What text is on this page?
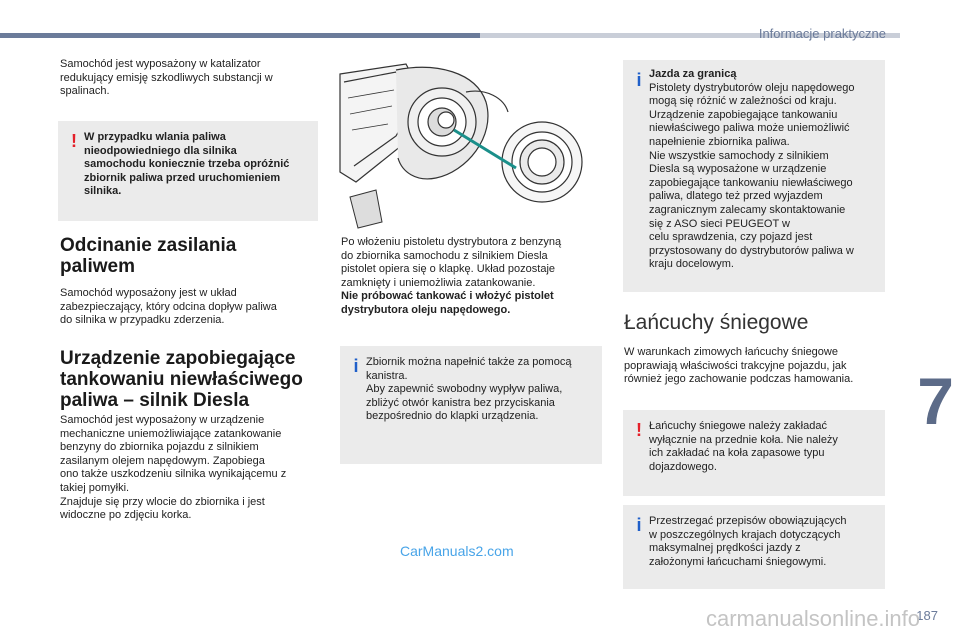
Informacje praktyczne
7
187

Samochód jest wyposażony w katalizator

redukujący emisję szkodliwych substancji w

spalinach.

! W przypadku wlania paliwa

nieodpowiedniego dla silnika

samochodu koniecznie trzeba opróżnić

zbiornik paliwa przed uruchomieniem

silnika.

Odcinanie zasilania
paliwem

Samochód wyposażony jest w układ

zabezpieczający, który odcina dopływ paliwa

do silnika w przypadku zderzenia.

Urządzenie zapobiegające
tankowaniu niewłaściwego
paliwa – silnik Diesla

Samochód jest wyposażony w urządzenie

mechaniczne uniemożliwiające zatankowanie

benzyny do zbiornika pojazdu z silnikiem

zasilanym olejem napędowym. Zapobiega

ono także uszkodzeniu silnika wynikającemu z

takiej pomyłki.

Znajduje się przy wlocie do zbiornika i jest

widoczne po zdjęciu korka.

Po włożeniu pistoletu dystrybutora z benzyną

do zbiornika samochodu z silnikiem Diesla

pistolet opiera się o klapkę. Układ pozostaje

zamknięty i uniemożliwia zatankowanie.

Nie próbować tankować i włożyć pistolet

dystrybutora oleju napędowego.

i Zbiornik można napełnić także za pomocą

kanistra.

Aby zapewnić swobodny wypływ paliwa,

zbliżyć otwór kanistra bez przyciskania

bezpośrednio do klapki urządzenia.

i Jazda za granicą

Pistolety dystrybutorów oleju napędowego

mogą się różnić w zależności od kraju.

Urządzenie zapobiegające tankowaniu

niewłaściwego paliwa może uniemożliwić

napełnienie zbiornika paliwa.

Nie wszystkie samochody z silnikiem

Diesla są wyposażone w urządzenie

zapobiegające tankowaniu niewłaściwego

paliwa, dlatego też przed wyjazdem

zagranicznym zalecamy skontaktowanie

się z ASO sieci PEUGEOT w

celu sprawdzenia, czy pojazd jest

przystosowany do dystrybutorów paliwa w

kraju docelowym.

Łańcuchy śniegowe

W warunkach zimowych łańcuchy śniegowe

poprawiają właściwości trakcyjne pojazdu, jak

również jego zachowanie podczas hamowania.

! Łańcuchy śniegowe należy zakładać

wyłącznie na przednie koła. Nie należy

ich zakładać na koła zapasowe typu

dojazdowego.

i Przestrzegać przepisów obowiązujących

w poszczególnych krajach dotyczących

maksymalnej prędkości jazdy z

założonymi łańcuchami śniegowymi.

CarManuals2.com
carmanualsonline.info
